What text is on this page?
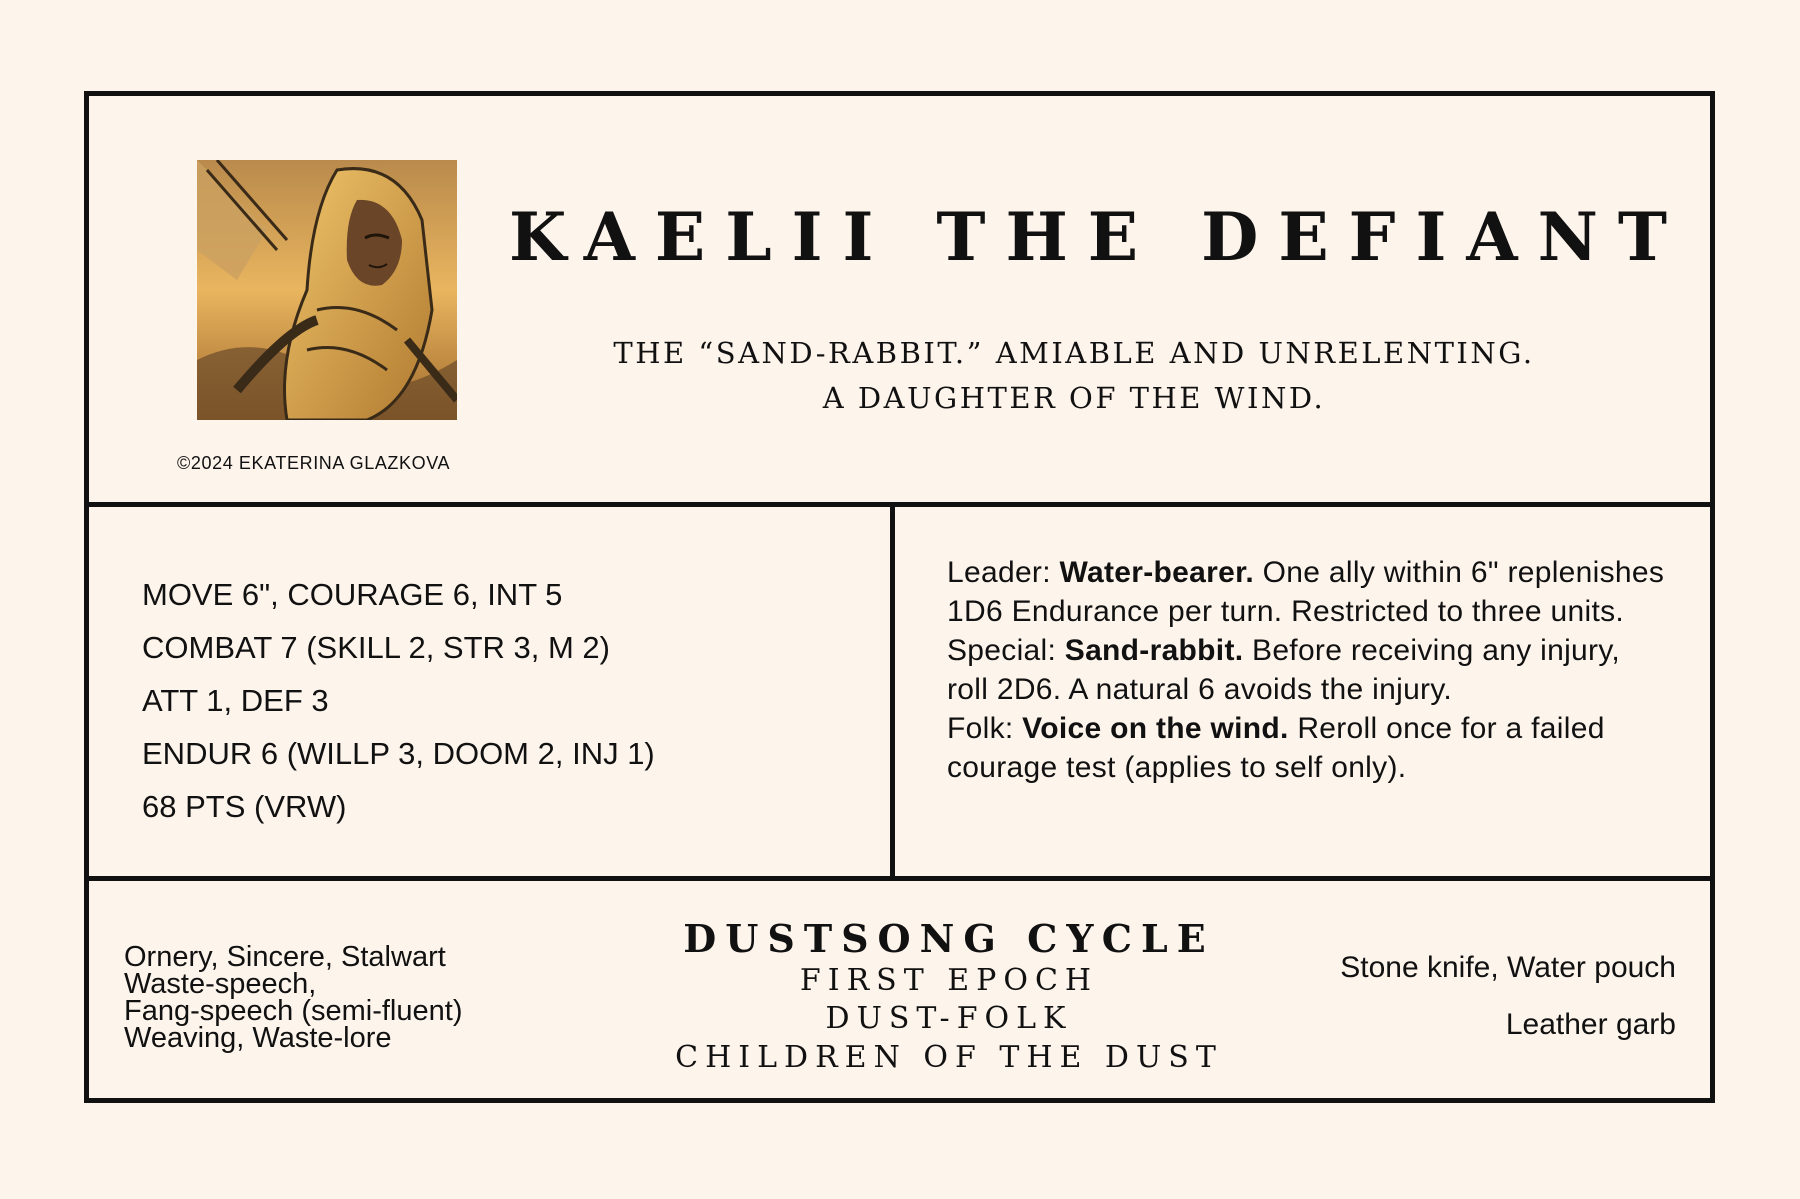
©2024 EKATERINA GLAZKOVA
KAELII THE DEFIANT
THE “SAND-RABBIT.” AMIABLE AND UNRELENTING.
A DAUGHTER OF THE WIND.
MOVE 6", COURAGE 6, INT 5
COMBAT 7 (SKILL 2, STR 3, M 2)
ATT 1, DEF 3
ENDUR 6 (WILLP 3, DOOM 2, INJ 1)
68 PTS (VRW)
Leader: Water-bearer. One ally within 6" replenishes 1D6 Endurance per turn. Restricted to three units.
Special: Sand-rabbit. Before receiving any injury, roll 2D6. A natural 6 avoids the injury.
Folk: Voice on the wind. Reroll once for a failed courage test (applies to self only).
Ornery, Sincere, Stalwart
Waste-speech,
Fang-speech (semi-fluent)
Weaving, Waste-lore
DUSTSONG CYCLE
FIRST EPOCH
DUST-FOLK
CHILDREN OF THE DUST
Stone knife, Water pouch
Leather garb
